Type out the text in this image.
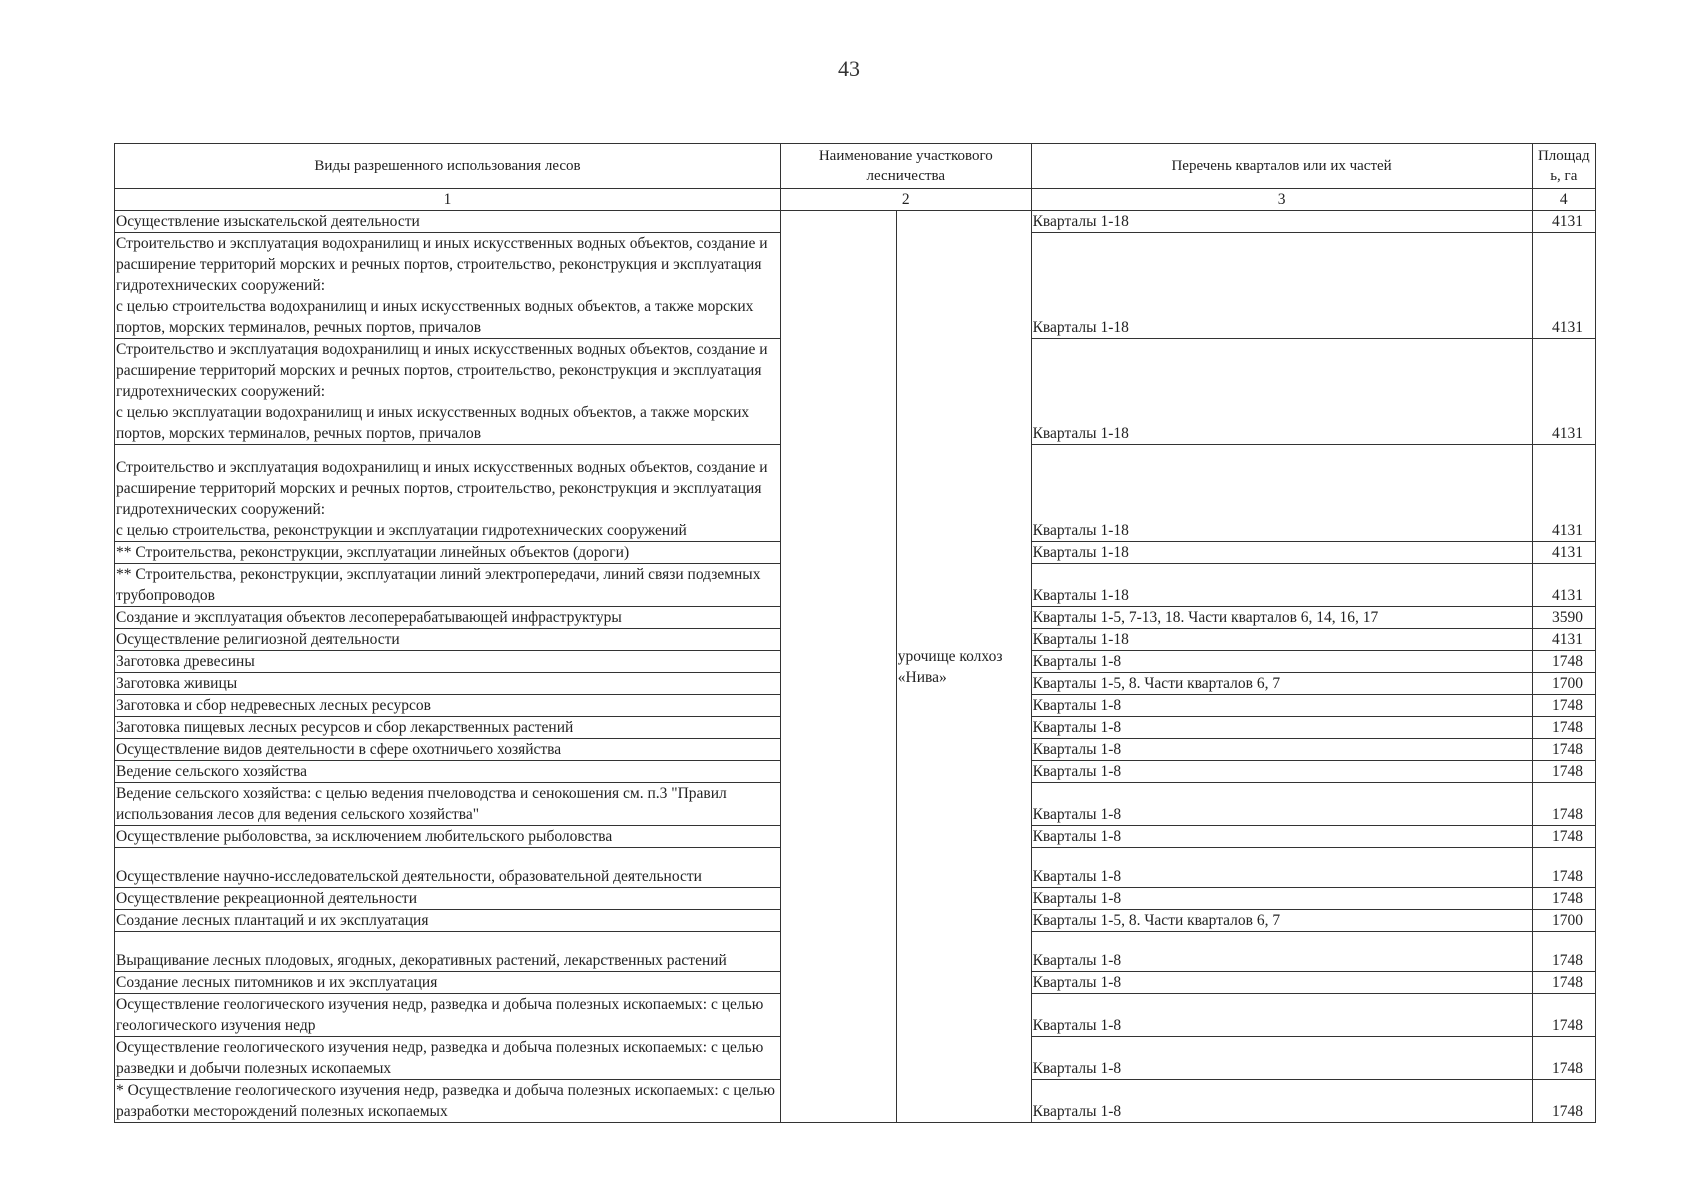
43
Виды разрешенного использования лесов	Наименование участкового лесничества		Перечень кварталов или их частей	Площадь, га
1	2		3	4
Осуществление изыскательской деятельности		урочище колхоз «Нива»	Кварталы 1-18	4131
Строительство и эксплуатация водохранилищ и иных искусственных водных объектов, создание и расширение территорий морских и речных портов, строительство, реконструкция и эксплуатация гидротехнических сооружений:
с целью строительства водохранилищ и иных искусственных водных объектов, а также морских портов, морских терминалов, речных портов, причалов			Кварталы 1-18	4131
Строительство и эксплуатация водохранилищ и иных искусственных водных объектов, создание и расширение территорий морских и речных портов, строительство, реконструкция и эксплуатация гидротехнических сооружений:
с целью эксплуатации водохранилищ и иных искусственных водных объектов, а также морских портов, морских терминалов, речных портов, причалов			Кварталы 1-18	4131
Строительство и эксплуатация водохранилищ и иных искусственных водных объектов, создание и расширение территорий морских и речных портов, строительство, реконструкция и эксплуатация гидротехнических сооружений:
с целью строительства, реконструкции и эксплуатации гидротехнических сооружений			Кварталы 1-18	4131
** Строительства, реконструкции, эксплуатации линейных объектов (дороги)			Кварталы 1-18	4131
** Строительства, реконструкции, эксплуатации линий электропередачи, линий связи подземных трубопроводов			Кварталы 1-18	4131
Создание и эксплуатация объектов лесоперерабатывающей инфраструктуры			Кварталы 1-5, 7-13, 18. Части кварталов 6, 14, 16, 17	3590
Осуществление религиозной деятельности			Кварталы 1-18	4131
Заготовка древесины			Кварталы 1-8	1748
Заготовка живицы			Кварталы 1-5, 8. Части кварталов 6, 7	1700
Заготовка и сбор недревесных лесных ресурсов			Кварталы 1-8	1748
Заготовка пищевых лесных ресурсов и сбор лекарственных растений			Кварталы 1-8	1748
Осуществление видов деятельности в сфере охотничьего хозяйства			Кварталы 1-8	1748
Ведение сельского хозяйства			Кварталы 1-8	1748
Ведение сельского хозяйства: с целью ведения пчеловодства и сенокошения см. п.3 "Правил использования лесов для ведения сельского хозяйства"			Кварталы 1-8	1748
Осуществление рыболовства, за исключением любительского рыболовства			Кварталы 1-8	1748
Осуществление научно-исследовательской деятельности, образовательной деятельности			Кварталы 1-8	1748
Осуществление рекреационной деятельности			Кварталы 1-8	1748
Создание лесных плантаций и их эксплуатация			Кварталы 1-5, 8. Части кварталов 6, 7	1700
Выращивание лесных плодовых, ягодных, декоративных растений, лекарственных растений			Кварталы 1-8	1748
Создание лесных питомников и их эксплуатация			Кварталы 1-8	1748
Осуществление геологического изучения недр, разведка и добыча полезных ископаемых: с целью геологического изучения недр			Кварталы 1-8	1748
Осуществление геологического изучения недр, разведка и добыча полезных ископаемых: с целью разведки и добычи полезных ископаемых			Кварталы 1-8	1748
* Осуществление геологического изучения недр, разведка и добыча полезных ископаемых: с целью разработки месторождений полезных ископаемых			Кварталы 1-8	1748
